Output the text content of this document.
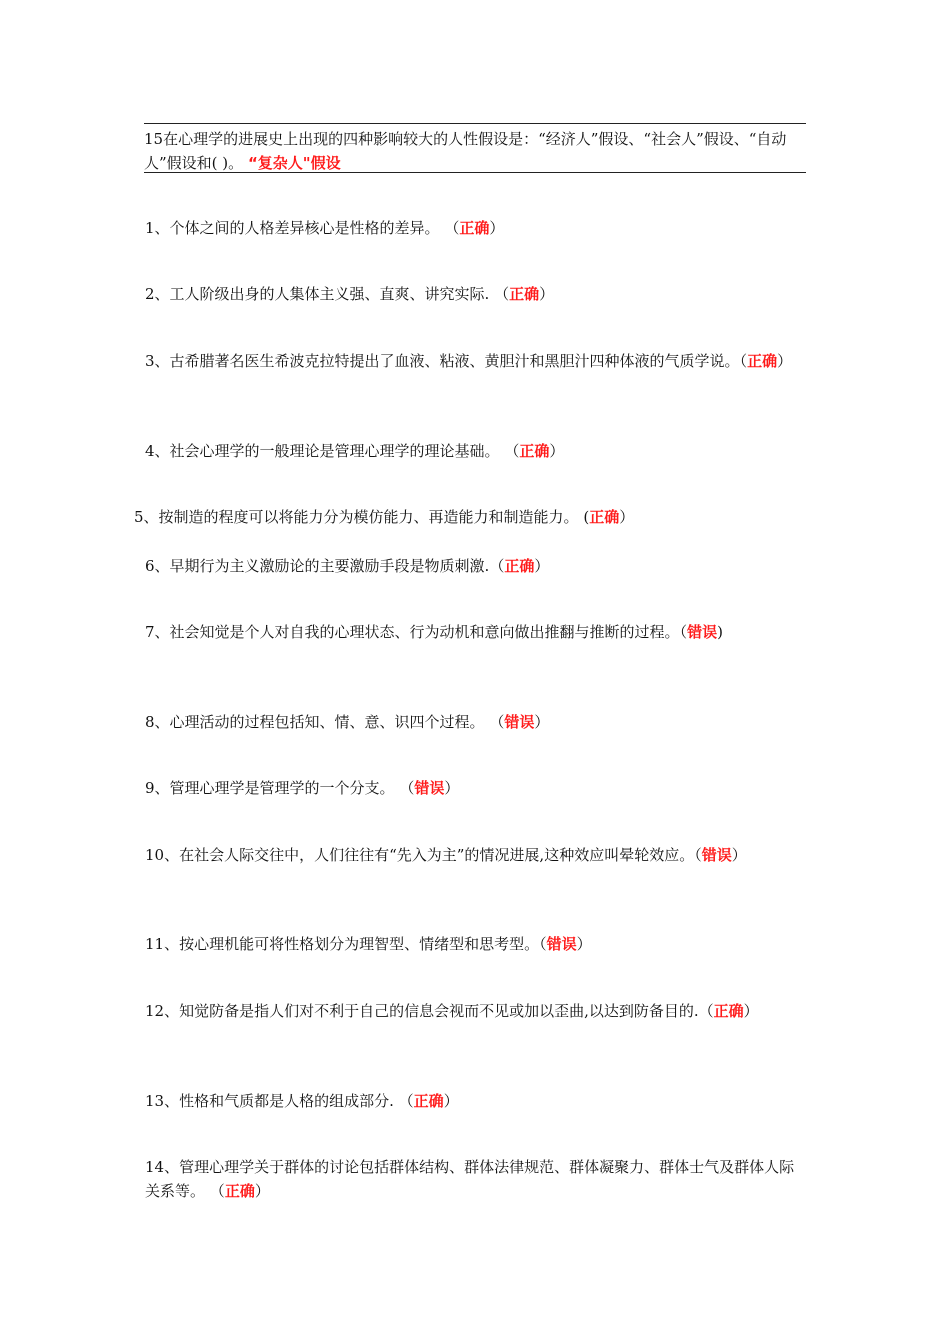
15在心理学的进展史上出现的四种影响较大的人性假设是：“经济人”假设、“社会人”假设、“自动人”假设和( )。 “复杂人"假设
1、个体之间的人格差异核心是性格的差异。 （正确）
2、工人阶级出身的人集体主义强、直爽、讲究实际. （正确）
3、古希腊著名医生希波克拉特提出了血液、粘液、黄胆汁和黑胆汁四种体液的气质学说。（正确）
4、社会心理学的一般理论是管理心理学的理论基础。 （正确）
5、按制造的程度可以将能力分为模仿能力、再造能力和制造能力。 (正确）
6、早期行为主义激励论的主要激励手段是物质刺激.（正确）
7、社会知觉是个人对自我的心理状态、行为动机和意向做出推翻与推断的过程。（错误)
8、心理活动的过程包括知、情、意、识四个过程。 （错误）
9、管理心理学是管理学的一个分支。 （错误）
10、在社会人际交往中，人们往往有“先入为主”的情况进展,这种效应叫晕轮效应。（错误）
11、按心理机能可将性格划分为理智型、情绪型和思考型。（错误）
12、知觉防备是指人们对不利于自己的信息会视而不见或加以歪曲,以达到防备目的.（正确）
13、性格和气质都是人格的组成部分. （正确）
14、管理心理学关于群体的讨论包括群体结构、群体法律规范、群体凝聚力、群体士气及群体人际关系等。 （正确）
